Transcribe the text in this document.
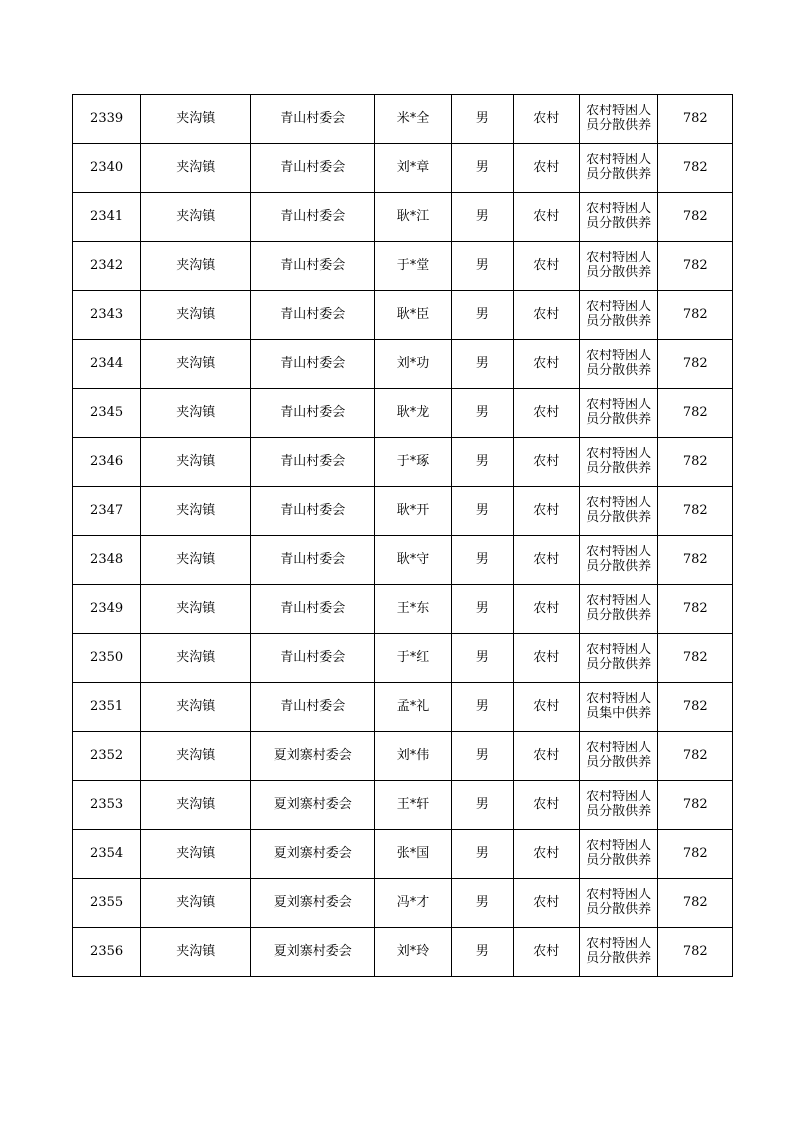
2339	夹沟镇	青山村委会	米*全	男	农村	农村特困人员分散供养	782
2340	夹沟镇	青山村委会	刘*章	男	农村	农村特困人员分散供养	782
2341	夹沟镇	青山村委会	耿*江	男	农村	农村特困人员分散供养	782
2342	夹沟镇	青山村委会	于*堂	男	农村	农村特困人员分散供养	782
2343	夹沟镇	青山村委会	耿*臣	男	农村	农村特困人员分散供养	782
2344	夹沟镇	青山村委会	刘*功	男	农村	农村特困人员分散供养	782
2345	夹沟镇	青山村委会	耿*龙	男	农村	农村特困人员分散供养	782
2346	夹沟镇	青山村委会	于*琢	男	农村	农村特困人员分散供养	782
2347	夹沟镇	青山村委会	耿*开	男	农村	农村特困人员分散供养	782
2348	夹沟镇	青山村委会	耿*守	男	农村	农村特困人员分散供养	782
2349	夹沟镇	青山村委会	王*东	男	农村	农村特困人员分散供养	782
2350	夹沟镇	青山村委会	于*红	男	农村	农村特困人员分散供养	782
2351	夹沟镇	青山村委会	孟*礼	男	农村	农村特困人员集中供养	782
2352	夹沟镇	夏刘寨村委会	刘*伟	男	农村	农村特困人员分散供养	782
2353	夹沟镇	夏刘寨村委会	王*轩	男	农村	农村特困人员分散供养	782
2354	夹沟镇	夏刘寨村委会	张*国	男	农村	农村特困人员分散供养	782
2355	夹沟镇	夏刘寨村委会	冯*才	男	农村	农村特困人员分散供养	782
2356	夹沟镇	夏刘寨村委会	刘*玲	男	农村	农村特困人员分散供养	782
